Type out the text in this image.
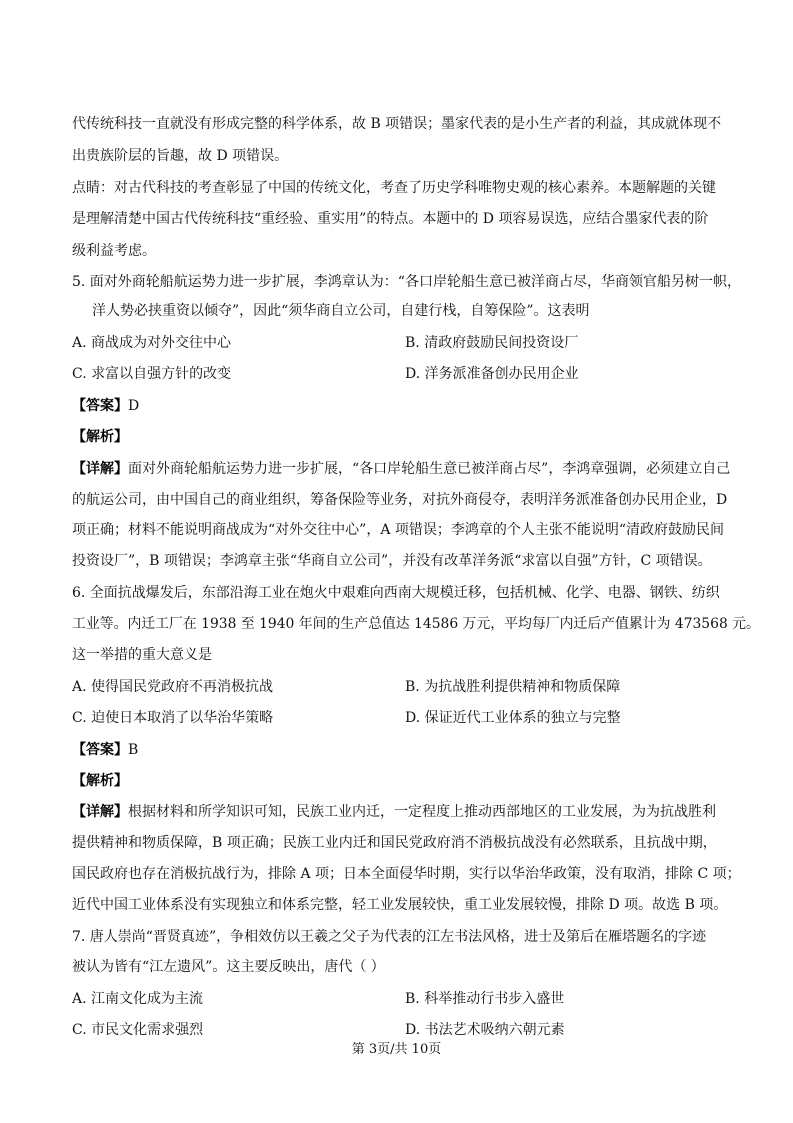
代传统科技一直就没有形成完整的科学体系，故 B 项错误；墨家代表的是小生产者的利益，其成就体现不
出贵族阶层的旨趣，故 D 项错误。
点睛：对古代科技的考查彰显了中国的传统文化，考查了历史学科唯物史观的核心素养。本题解题的关键
是理解清楚中国古代传统科技“重经验、重实用”的特点。本题中的 D 项容易误选，应结合墨家代表的阶
级利益考虑。
5. 面对外商轮船航运势力进一步扩展，李鸿章认为：“各口岸轮船生意已被洋商占尽，华商领官船另树一帜，
洋人势必挟重资以倾夺”，因此“须华商自立公司，自建行栈，自筹保险”。这表明
A. 商战成为对外交往中心	B. 清政府鼓励民间投资设厂
C. 求富以自强方针的改变	D. 洋务派准备创办民用企业
【答案】D
【解析】
【详解】面对外商轮船航运势力进一步扩展，“各口岸轮船生意已被洋商占尽”，李鸿章强调，必须建立自己
的航运公司，由中国自己的商业组织，筹备保险等业务，对抗外商侵夺，表明洋务派准备创办民用企业，D
项正确；材料不能说明商战成为“对外交往中心”，A 项错误；李鸿章的个人主张不能说明“清政府鼓励民间
投资设厂”，B 项错误；李鸿章主张“华商自立公司”，并没有改革洋务派“求富以自强”方针，C 项错误。
6. 全面抗战爆发后，东部沿海工业在炮火中艰难向西南大规模迁移，包括机械、化学、电器、钢铁、纺织
工业等。内迁工厂在 1938 至 1940 年间的生产总值达 14586 万元，平均每厂内迁后产值累计为 473568 元。
这一举措的重大意义是
A. 使得国民党政府不再消极抗战	B. 为抗战胜利提供精神和物质保障
C. 迫使日本取消了以华治华策略	D. 保证近代工业体系的独立与完整
【答案】B
【解析】
【详解】根据材料和所学知识可知，民族工业内迁，一定程度上推动西部地区的工业发展，为为抗战胜利
提供精神和物质保障，B 项正确；民族工业内迁和国民党政府消不消极抗战没有必然联系，且抗战中期，
国民政府也存在消极抗战行为，排除 A 项；日本全面侵华时期，实行以华治华政策，没有取消，排除 C 项；
近代中国工业体系没有实现独立和体系完整，轻工业发展较快，重工业发展较慢，排除 D 项。故选 B 项。
7. 唐人崇尚“晋贤真迹”，争相效仿以王羲之父子为代表的江左书法风格，进士及第后在雁塔题名的字迹
被认为皆有“江左遗风”。这主要反映出，唐代（ ）
A. 江南文化成为主流	B. 科举推动行书步入盛世
C. 市民文化需求强烈	D. 书法艺术吸纳六朝元素
第 3页/共 10页
